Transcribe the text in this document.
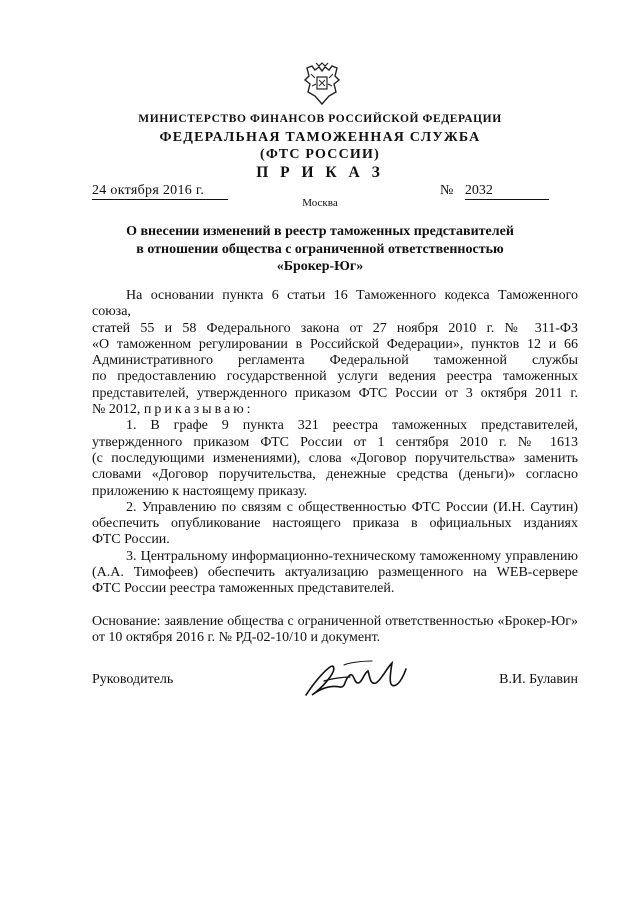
МИНИСТЕРСТВО ФИНАНСОВ РОССИЙСКОЙ ФЕДЕРАЦИИ
ФЕДЕРАЛЬНАЯ ТАМОЖЕННАЯ СЛУЖБА
(ФТС РОССИИ)
П Р И К А З
24 октября 2016 г.	№ 2032
Москва
О внесении изменений в реестр таможенных представителей
в отношении общества с ограниченной ответственностью
«Брокер-Юг»
На основании пункта 6 статьи 16 Таможенного кодекса Таможенного союза,
статей 55 и 58 Федерального закона от 27 ноября 2010 г. № 311-ФЗ
«О таможенном регулировании в Российской Федерации», пунктов 12 и 66
Административного регламента Федеральной таможенной службы
по предоставлению государственной услуги ведения реестра таможенных
представителей, утвержденного приказом ФТС России от 3 октября 2011 г.
№ 2012, приказываю:
1. В графе 9 пункта 321 реестра таможенных представителей,
утвержденного приказом ФТС России от 1 сентября 2010 г. № 1613
(с последующими изменениями), слова «Договор поручительства» заменить
словами «Договор поручительства, денежные средства (деньги)» согласно
приложению к настоящему приказу.
2. Управлению по связям с общественностью ФТС России (И.Н. Саутин)
обеспечить опубликование настоящего приказа в официальных изданиях
ФТС России.
3. Центральному информационно-техническому таможенному управлению
(А.А. Тимофеев) обеспечить актуализацию размещенного на WEB-сервере
ФТС России реестра таможенных представителей.
Основание: заявление общества с ограниченной ответственностью «Брокер-Юг»
от 10 октября 2016 г. № РД-02-10/10 и документ.
Руководитель	В.И. Булавин
